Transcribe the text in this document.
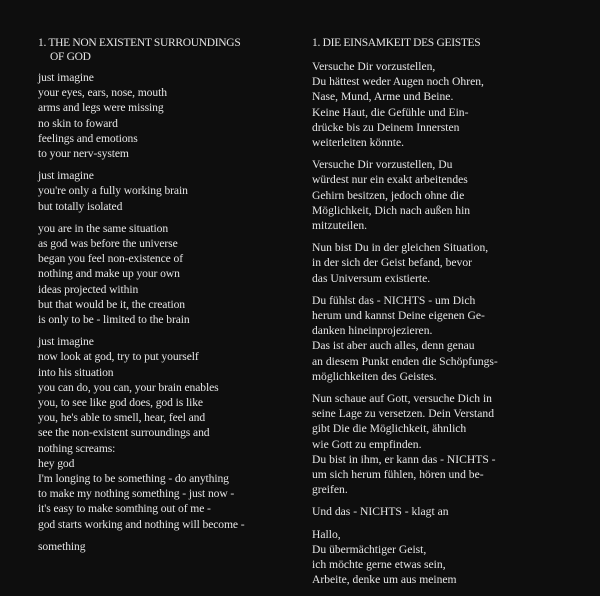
1. THE NON EXISTENT SURROUNDINGS
OF GOD
just imagine
your eyes, ears, nose, mouth
arms and legs were missing
no skin to foward
feelings and emotions
to your nerv-system
just imagine
you're only a fully working brain
but totally isolated
you are in the same situation
as god was before the universe
began you feel non-existence of
nothing and make up your own
ideas projected within
but that would be it, the creation
is only to be - limited to the brain
just imagine
now look at god, try to put yourself
into his situation
you can do, you can, your brain enables
you, to see like god does, god is like
you, he's able to smell, hear, feel and
see the non-existent surroundings and
nothing screams:
hey god
I'm longing to be something - do anything
to make my nothing something - just now -
it's easy to make somthing out of me -
god starts working and nothing will become -
something
1. DIE EINSAMKEIT DES GEISTES
Versuche Dir vorzustellen,
Du hättest weder Augen noch Ohren,
Nase, Mund, Arme und Beine.
Keine Haut, die Gefühle und Ein-
drücke bis zu Deinem Innersten
weiterleiten könnte.
Versuche Dir vorzustellen, Du
würdest nur ein exakt arbeitendes
Gehirn besitzen, jedoch ohne die
Möglichkeit, Dich nach außen hin
mitzuteilen.
Nun bist Du in der gleichen Situation,
in der sich der Geist befand, bevor
das Universum existierte.
Du fühlst das - NICHTS - um Dich
herum und kannst Deine eigenen Ge-
danken hineinprojezieren.
Das ist aber auch alles, denn genau
an diesem Punkt enden die Schöpfungs-
möglichkeiten des Geistes.
Nun schaue auf Gott, versuche Dich in
seine Lage zu versetzen. Dein Verstand
gibt Die die Möglichkeit, ähnlich
wie Gott zu empfinden.
Du bist in ihm, er kann das - NICHTS -
um sich herum fühlen, hören und be-
greifen.
Und das - NICHTS - klagt an
Hallo,
Du übermächtiger Geist,
ich möchte gerne etwas sein,
Arbeite, denke um aus meinem
